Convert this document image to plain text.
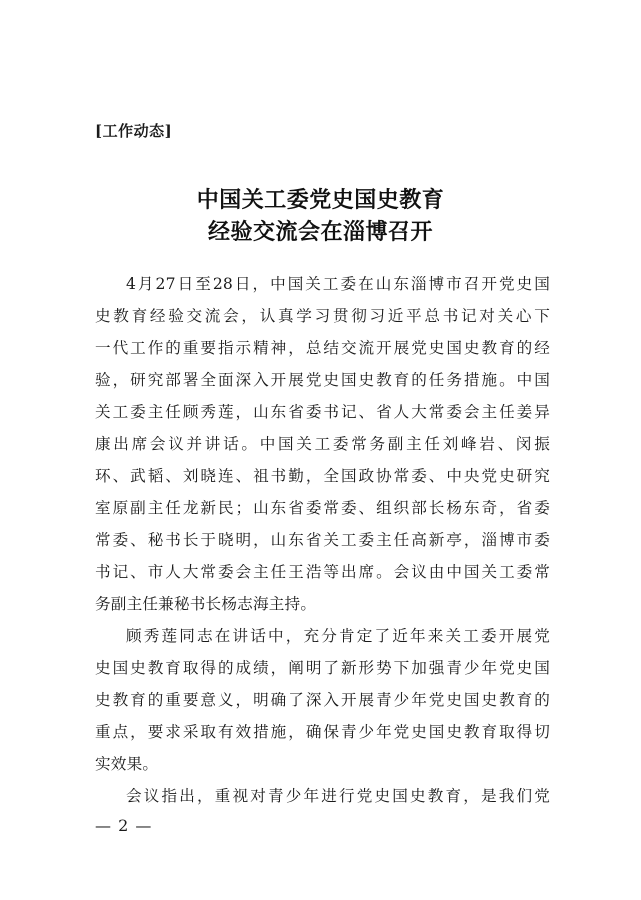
[工作动态]
中国关工委党史国史教育
经验交流会在淄博召开
4月27日至28日，中国关工委在山东淄博市召开党史国
史教育经验交流会，认真学习贯彻习近平总书记对关心下
一代工作的重要指示精神，总结交流开展党史国史教育的经
验，研究部署全面深入开展党史国史教育的任务措施。中国
关工委主任顾秀莲，山东省委书记、省人大常委会主任姜异
康出席会议并讲话。中国关工委常务副主任刘峰岩、闵振
环、武韬、刘晓连、祖书勤，全国政协常委、中央党史研究
室原副主任龙新民；山东省委常委、组织部长杨东奇，省委
常委、秘书长于晓明，山东省关工委主任高新亭，淄博市委
书记、市人大常委会主任王浩等出席。会议由中国关工委常
务副主任兼秘书长杨志海主持。
顾秀莲同志在讲话中，充分肯定了近年来关工委开展党
史国史教育取得的成绩，阐明了新形势下加强青少年党史国
史教育的重要意义，明确了深入开展青少年党史国史教育的
重点，要求采取有效措施，确保青少年党史国史教育取得切
实效果。
会议指出，重视对青少年进行党史国史教育，是我们党
— 2 —
